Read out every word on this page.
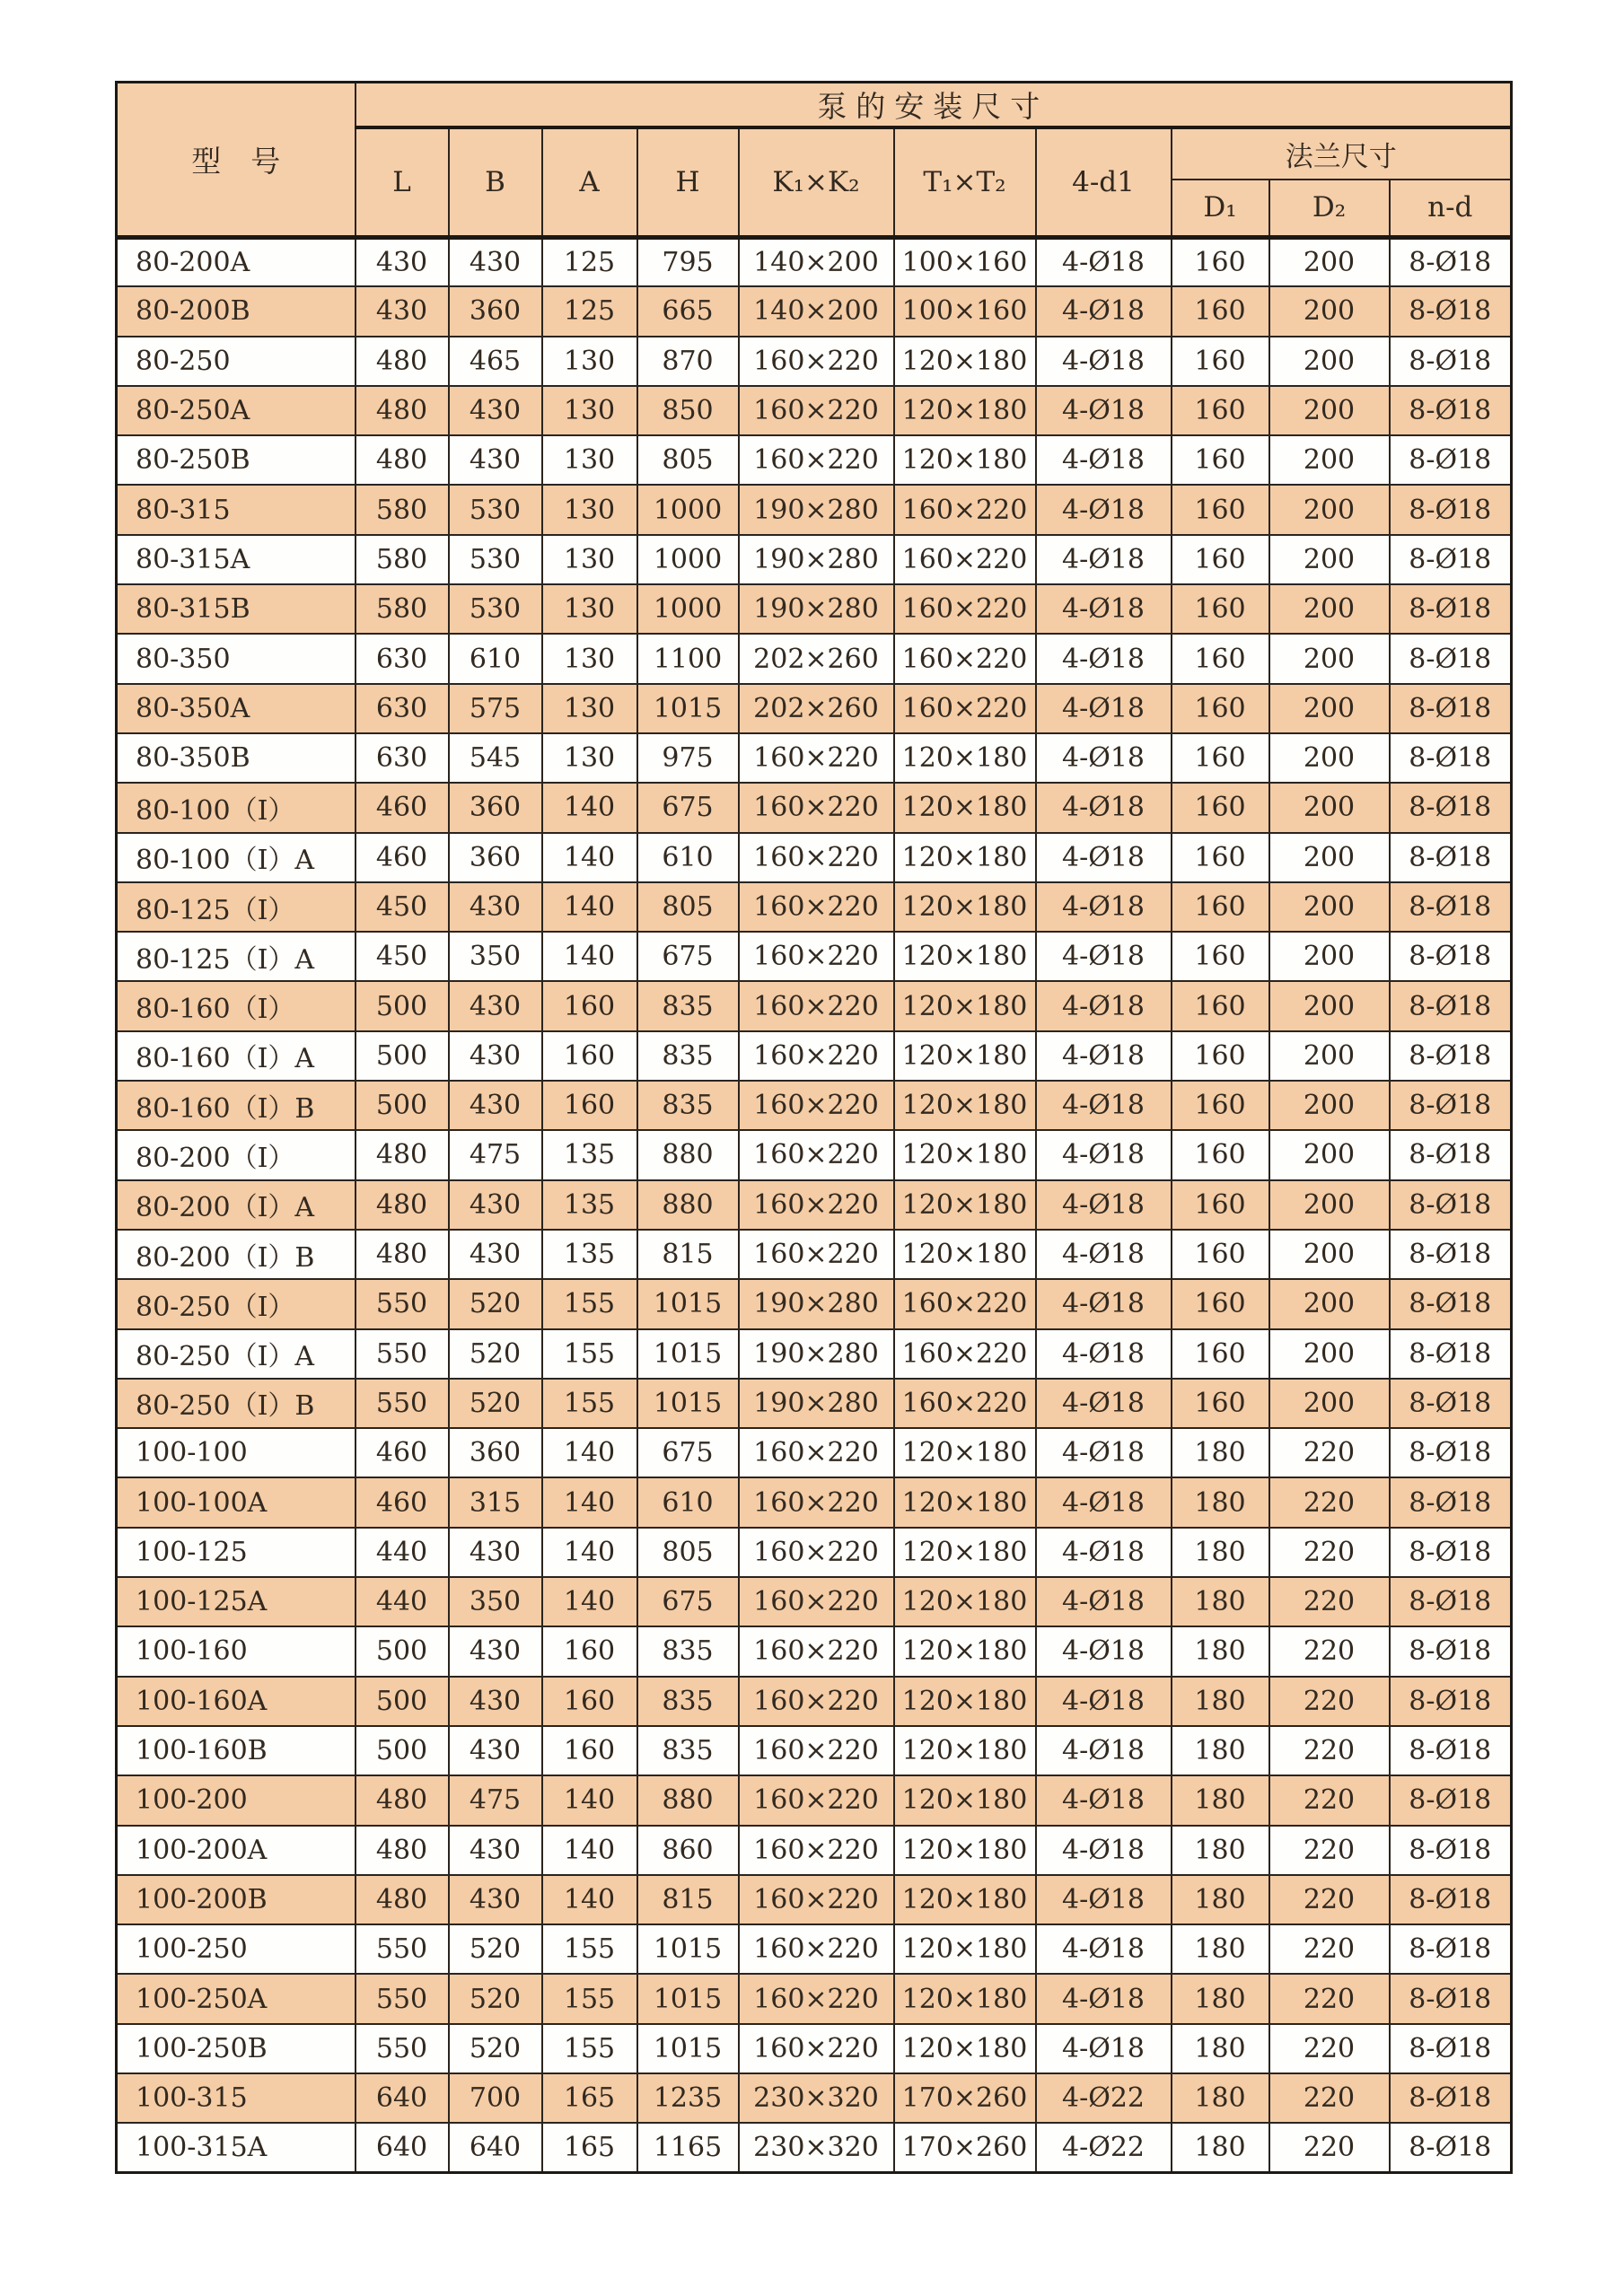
型　号	泵的安装尺寸									
	L	B	A	H	K₁×K₂	T₁×T₂	4-d1	法兰尺寸		
								D₁	D₂	n-d
80-200A	430	430	125	795	140×200	100×160	4-Ø18	160	200	8-Ø18
80-200B	430	360	125	665	140×200	100×160	4-Ø18	160	200	8-Ø18
80-250	480	465	130	870	160×220	120×180	4-Ø18	160	200	8-Ø18
80-250A	480	430	130	850	160×220	120×180	4-Ø18	160	200	8-Ø18
80-250B	480	430	130	805	160×220	120×180	4-Ø18	160	200	8-Ø18
80-315	580	530	130	1000	190×280	160×220	4-Ø18	160	200	8-Ø18
80-315A	580	530	130	1000	190×280	160×220	4-Ø18	160	200	8-Ø18
80-315B	580	530	130	1000	190×280	160×220	4-Ø18	160	200	8-Ø18
80-350	630	610	130	1100	202×260	160×220	4-Ø18	160	200	8-Ø18
80-350A	630	575	130	1015	202×260	160×220	4-Ø18	160	200	8-Ø18
80-350B	630	545	130	975	160×220	120×180	4-Ø18	160	200	8-Ø18
80-100（I）	460	360	140	675	160×220	120×180	4-Ø18	160	200	8-Ø18
80-100（I）A	460	360	140	610	160×220	120×180	4-Ø18	160	200	8-Ø18
80-125（I）	450	430	140	805	160×220	120×180	4-Ø18	160	200	8-Ø18
80-125（I）A	450	350	140	675	160×220	120×180	4-Ø18	160	200	8-Ø18
80-160（I）	500	430	160	835	160×220	120×180	4-Ø18	160	200	8-Ø18
80-160（I）A	500	430	160	835	160×220	120×180	4-Ø18	160	200	8-Ø18
80-160（I）B	500	430	160	835	160×220	120×180	4-Ø18	160	200	8-Ø18
80-200（I）	480	475	135	880	160×220	120×180	4-Ø18	160	200	8-Ø18
80-200（I）A	480	430	135	880	160×220	120×180	4-Ø18	160	200	8-Ø18
80-200（I）B	480	430	135	815	160×220	120×180	4-Ø18	160	200	8-Ø18
80-250（I）	550	520	155	1015	190×280	160×220	4-Ø18	160	200	8-Ø18
80-250（I）A	550	520	155	1015	190×280	160×220	4-Ø18	160	200	8-Ø18
80-250（I）B	550	520	155	1015	190×280	160×220	4-Ø18	160	200	8-Ø18
100-100	460	360	140	675	160×220	120×180	4-Ø18	180	220	8-Ø18
100-100A	460	315	140	610	160×220	120×180	4-Ø18	180	220	8-Ø18
100-125	440	430	140	805	160×220	120×180	4-Ø18	180	220	8-Ø18
100-125A	440	350	140	675	160×220	120×180	4-Ø18	180	220	8-Ø18
100-160	500	430	160	835	160×220	120×180	4-Ø18	180	220	8-Ø18
100-160A	500	430	160	835	160×220	120×180	4-Ø18	180	220	8-Ø18
100-160B	500	430	160	835	160×220	120×180	4-Ø18	180	220	8-Ø18
100-200	480	475	140	880	160×220	120×180	4-Ø18	180	220	8-Ø18
100-200A	480	430	140	860	160×220	120×180	4-Ø18	180	220	8-Ø18
100-200B	480	430	140	815	160×220	120×180	4-Ø18	180	220	8-Ø18
100-250	550	520	155	1015	160×220	120×180	4-Ø18	180	220	8-Ø18
100-250A	550	520	155	1015	160×220	120×180	4-Ø18	180	220	8-Ø18
100-250B	550	520	155	1015	160×220	120×180	4-Ø18	180	220	8-Ø18
100-315	640	700	165	1235	230×320	170×260	4-Ø22	180	220	8-Ø18
100-315A	640	640	165	1165	230×320	170×260	4-Ø22	180	220	8-Ø18
